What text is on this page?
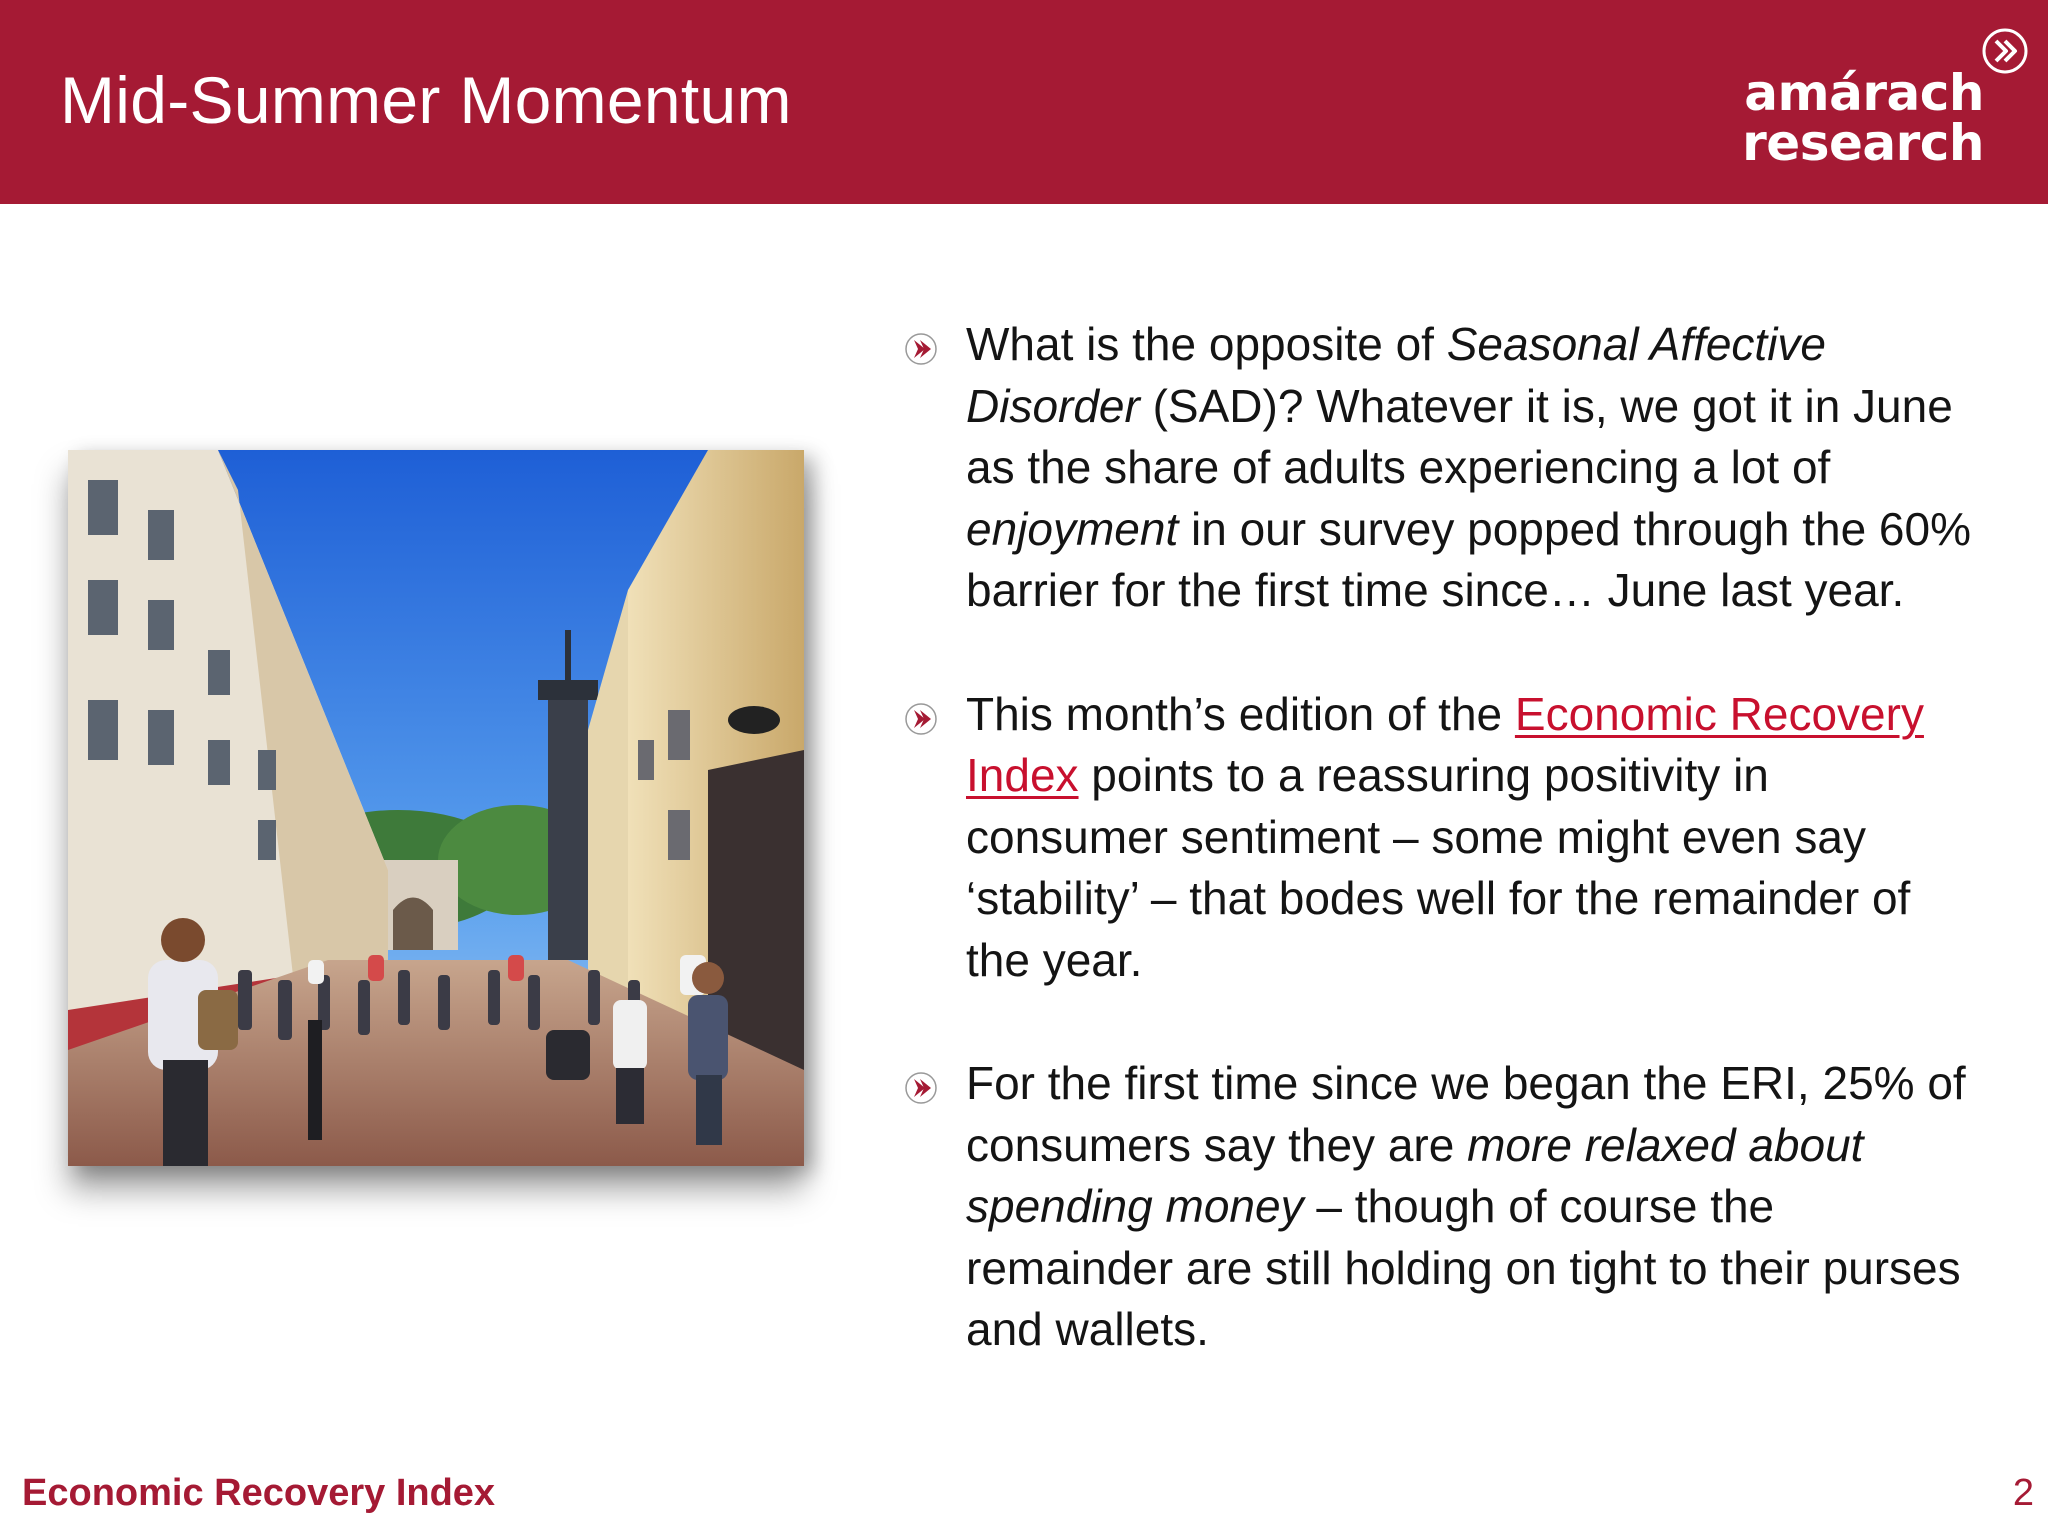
Mid-Summer Momentum	amárach
research

What is the opposite of Seasonal Affective Disorder (SAD)? Whatever it is, we got it in June as the share of adults experiencing a lot of enjoyment in our survey popped through the 60% barrier for the first time since… June last year.

This month’s edition of the Economic Recovery Index points to a reassuring positivity in consumer sentiment – some might even say ‘stability’ – that bodes well for the remainder of the year.

For the first time since we began the ERI, 25% of consumers say they are more relaxed about spending money – though of course the remainder are still holding on tight to their purses and wallets.

Economic Recovery Index	2
